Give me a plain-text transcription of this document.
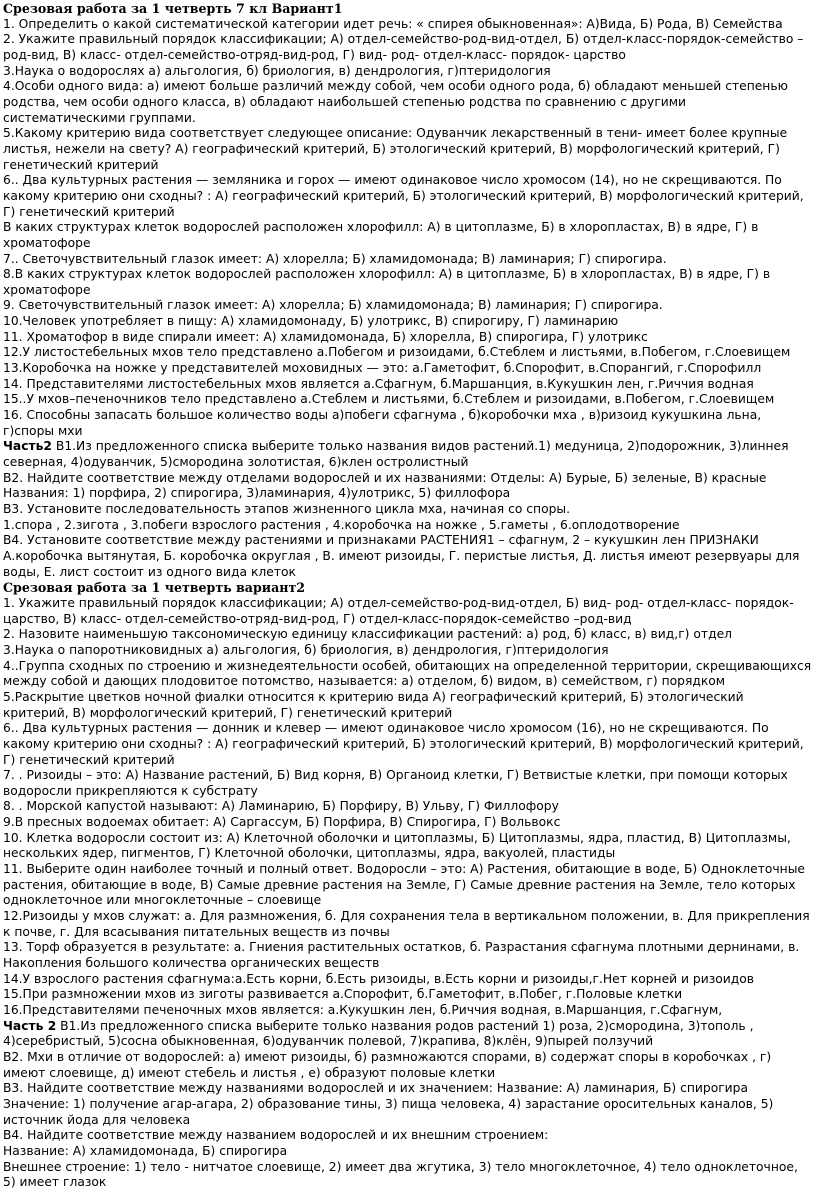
Срезовая работа за 1 четверть 7 кл Вариант1

1. Определить о какой систематической категории идет речь: « спирея обыкновенная»: А)Вида, Б) Рода, В) Семейства

2. Укажите правильный порядок классификации; А) отдел-семейство-род-вид-отдел, Б) отдел-класс-порядок-семейство –род-вид, В) класс- отдел-семейство-отряд-вид-род, Г) вид- род- отдел-класс- порядок- царство

3.Наука о водорослях а) альгология, б) бриология, в) дендрология, г)птеридология

4.Особи одного вида: а) имеют больше различий между собой, чем особи одного рода, б) обладают меньшей степенью родства, чем особи одного класса, в) обладают наибольшей степенью родства по сравнению с другими систематическими группами.

5.Какому критерию вида соответствует следующее описание: Одуванчик лекарственный в тени- имеет более крупные листья, нежели на свету? А) географический критерий, Б) этологический критерий, В) морфологический критерий, Г) генетический критерий

6.. Два культурных растения — земляника и горох — имеют одинаковое число хромосом (14), но не скрещиваются. По какому критерию они сходны? : А) географический критерий, Б) этологический критерий, В) морфологический критерий, Г) генетический критерий

В каких структурах клеток водорослей расположен хлорофилл: А) в цитоплазме, Б) в хлоропластах, В) в ядре, Г) в хроматофоре

7.. Светочувствительный глазок имеет: А) хлорелла; Б) хламидомонада; В) ламинария; Г) спирогира.

8.В каких структурах клеток водорослей расположен хлорофилл: А) в цитоплазме, Б) в хлоропластах, В) в ядре, Г) в хроматофоре

9. Светочувствительный глазок имеет: А) хлорелла; Б) хламидомонада; В) ламинария; Г) спирогира.

10.Человек употребляет в пищу: А) хламидомонаду, Б) улотрикс, В) спирогиру, Г) ламинарию

11. Хроматофор в виде спирали имеет: А) хламидомонада, Б) хлорелла, В) спирогира, Г) улотрикс

12.У листостебельных мхов тело представлено а.Побегом и ризоидами, б.Стеблем и листьями, в.Побегом, г.Слоевищем

13.Коробочка на ножке у представителей моховидных — это: а.Гаметофит, б.Спорофит, в.Спорангий, г.Спорофилл

14. Представителями листостебельных мхов является а.Сфагнум, б.Маршанция, в.Кукушкин лен, г.Риччия водная

15..У мхов–печеночников тело представлено а.Стеблем и листьями, б.Стеблем и ризоидами, в.Побегом, г.Слоевищем

16. Способны запасать большое количество воды а)побеги сфагнума , б)коробочки мха , в)ризоид кукушкина льна, г)споры мхи

Часть2 В1.Из предложенного списка выберите только названия видов растений.1) медуница, 2)подорожник, 3)линнея северная, 4)одуванчик, 5)смородина золотистая, 6)клен остролистный

В2. Найдите соответствие между отделами водорослей и их названиями: Отделы: А) Бурые, Б) зеленые, В) красные

Названия: 1) порфира, 2) спирогира, 3)ламинария, 4)улотрикс, 5) филлофора

В3. Установите последовательность этапов жизненного цикла мха, начиная со споры.

1.спора , 2.зигота , 3.побеги взрослого растения , 4.коробочка на ножке , 5.гаметы , 6.оплодотворение

В4. Установите соответствие между растениями и признаками РАСТЕНИЯ1 – сфагнум, 2 – кукушкин лен ПРИЗНАКИ А.коробочка вытянутая, Б. коробочка округлая , В. имеют ризоиды, Г. перистые листья, Д. листья имеют резервуары для воды, Е. лист состоит из одного вида клеток

Срезовая работа за 1 четверть вариант2

1. Укажите правильный порядок классификации; А) отдел-семейство-род-вид-отдел, Б) вид- род- отдел-класс- порядок- царство, В) класс- отдел-семейство-отряд-вид-род, Г) отдел-класс-порядок-семейство –род-вид

2. Назовите наименьшую таксономическую единицу классификации растений: а) род, б) класс, в) вид,г) отдел

3.Наука о папоротниковидных а) альгология, б) бриология, в) дендрология, г)птеридология

4..Группа сходных по строению и жизнедеятельности особей, обитающих на определенной территории, скрещивающихся между собой и дающих плодовитое потомство, называется: а) отделом, б) видом, в) семейством, г) порядком

5.Раскрытие цветков ночной фиалки относится к критерию вида А) географический критерий, Б) этологический критерий, В) морфологический критерий, Г) генетический критерий

6.. Два культурных растения — донник и клевер — имеют одинаковое число хромосом (16), но не скрещиваются. По какому критерию они сходны? : А) географический критерий, Б) этологический критерий, В) морфологический критерий, Г) генетический критерий

7. . Ризоиды – это: А) Название растений, Б) Вид корня, В) Органоид клетки, Г) Ветвистые клетки, при помощи которых водоросли прикрепляются к субстрату

8. . Морской капустой называют: А) Ламинарию, Б) Порфиру, В) Ульву, Г) Филлофору

9.В пресных водоемах обитает: А) Саргассум, Б) Порфира, В) Спирогира, Г) Вольвокс

10. Клетка водоросли состоит из: А) Клеточной оболочки и цитоплазмы, Б) Цитоплазмы, ядра, пластид, В) Цитоплазмы, нескольких ядер, пигментов, Г) Клеточной оболочки, цитоплазмы, ядра, вакуолей, пластиды

11. Выберите один наиболее точный и полный ответ. Водоросли – это: А) Растения, обитающие в воде, Б) Одноклеточные растения, обитающие в воде, В) Самые древние растения на Земле, Г) Самые древние растения на Земле, тело которых одноклеточное или многоклеточные – слоевище

12.Ризоиды у мхов служат: а. Для размножения, б. Для сохранения тела в вертикальном положении, в. Для прикрепления к почве, г. Для всасывания питательных веществ из почвы

13. Торф образуется в результате: а. Гниения растительных остатков, б. Разрастания сфагнума плотными дернинами, в. Накопления большого количества органических веществ

14.У взрослого растения сфагнума:а.Есть корни, б.Есть ризоиды, в.Есть корни и ризоиды,г.Нет корней и ризоидов

15.При размножении мхов из зиготы развивается а.Спорофит, б.Гаметофит, в.Побег, г.Половые клетки

16.Представителями печеночных мхов является: а.Кукушкин лен, б.Риччия водная, в.Маршанция, г.Сфагнум,

Часть 2 В1.Из предложенного списка выберите только названия родов растений 1) роза, 2)смородина, 3)тополь , 4)серебристый, 5)сосна обыкновенная, 6)одуванчик полевой, 7)крапива, 8)клён, 9)пырей ползучий

В2. Мхи в отличие от водорослей: а) имеют ризоиды, б) размножаются спорами, в) содержат споры в коробочках , г) имеют слоевище, д) имеют стебель и листья , е) образуют половые клетки

В3. Найдите соответствие между названиями водорослей и их значением: Название: А) ламинария, Б) спирогира

Значение: 1) получение агар-агара, 2) образование тины, 3) пища человека, 4) зарастание оросительных каналов, 5) источник йода для человека

В4. Найдите соответствие между названием водорослей и их внешним строением:

Название: А) хламидомонада, Б) спирогира

Внешнее строение: 1) тело - нитчатое слоевище, 2) имеет два жгутика, 3) тело многоклеточное, 4) тело одноклеточное, 5) имеет глазок
